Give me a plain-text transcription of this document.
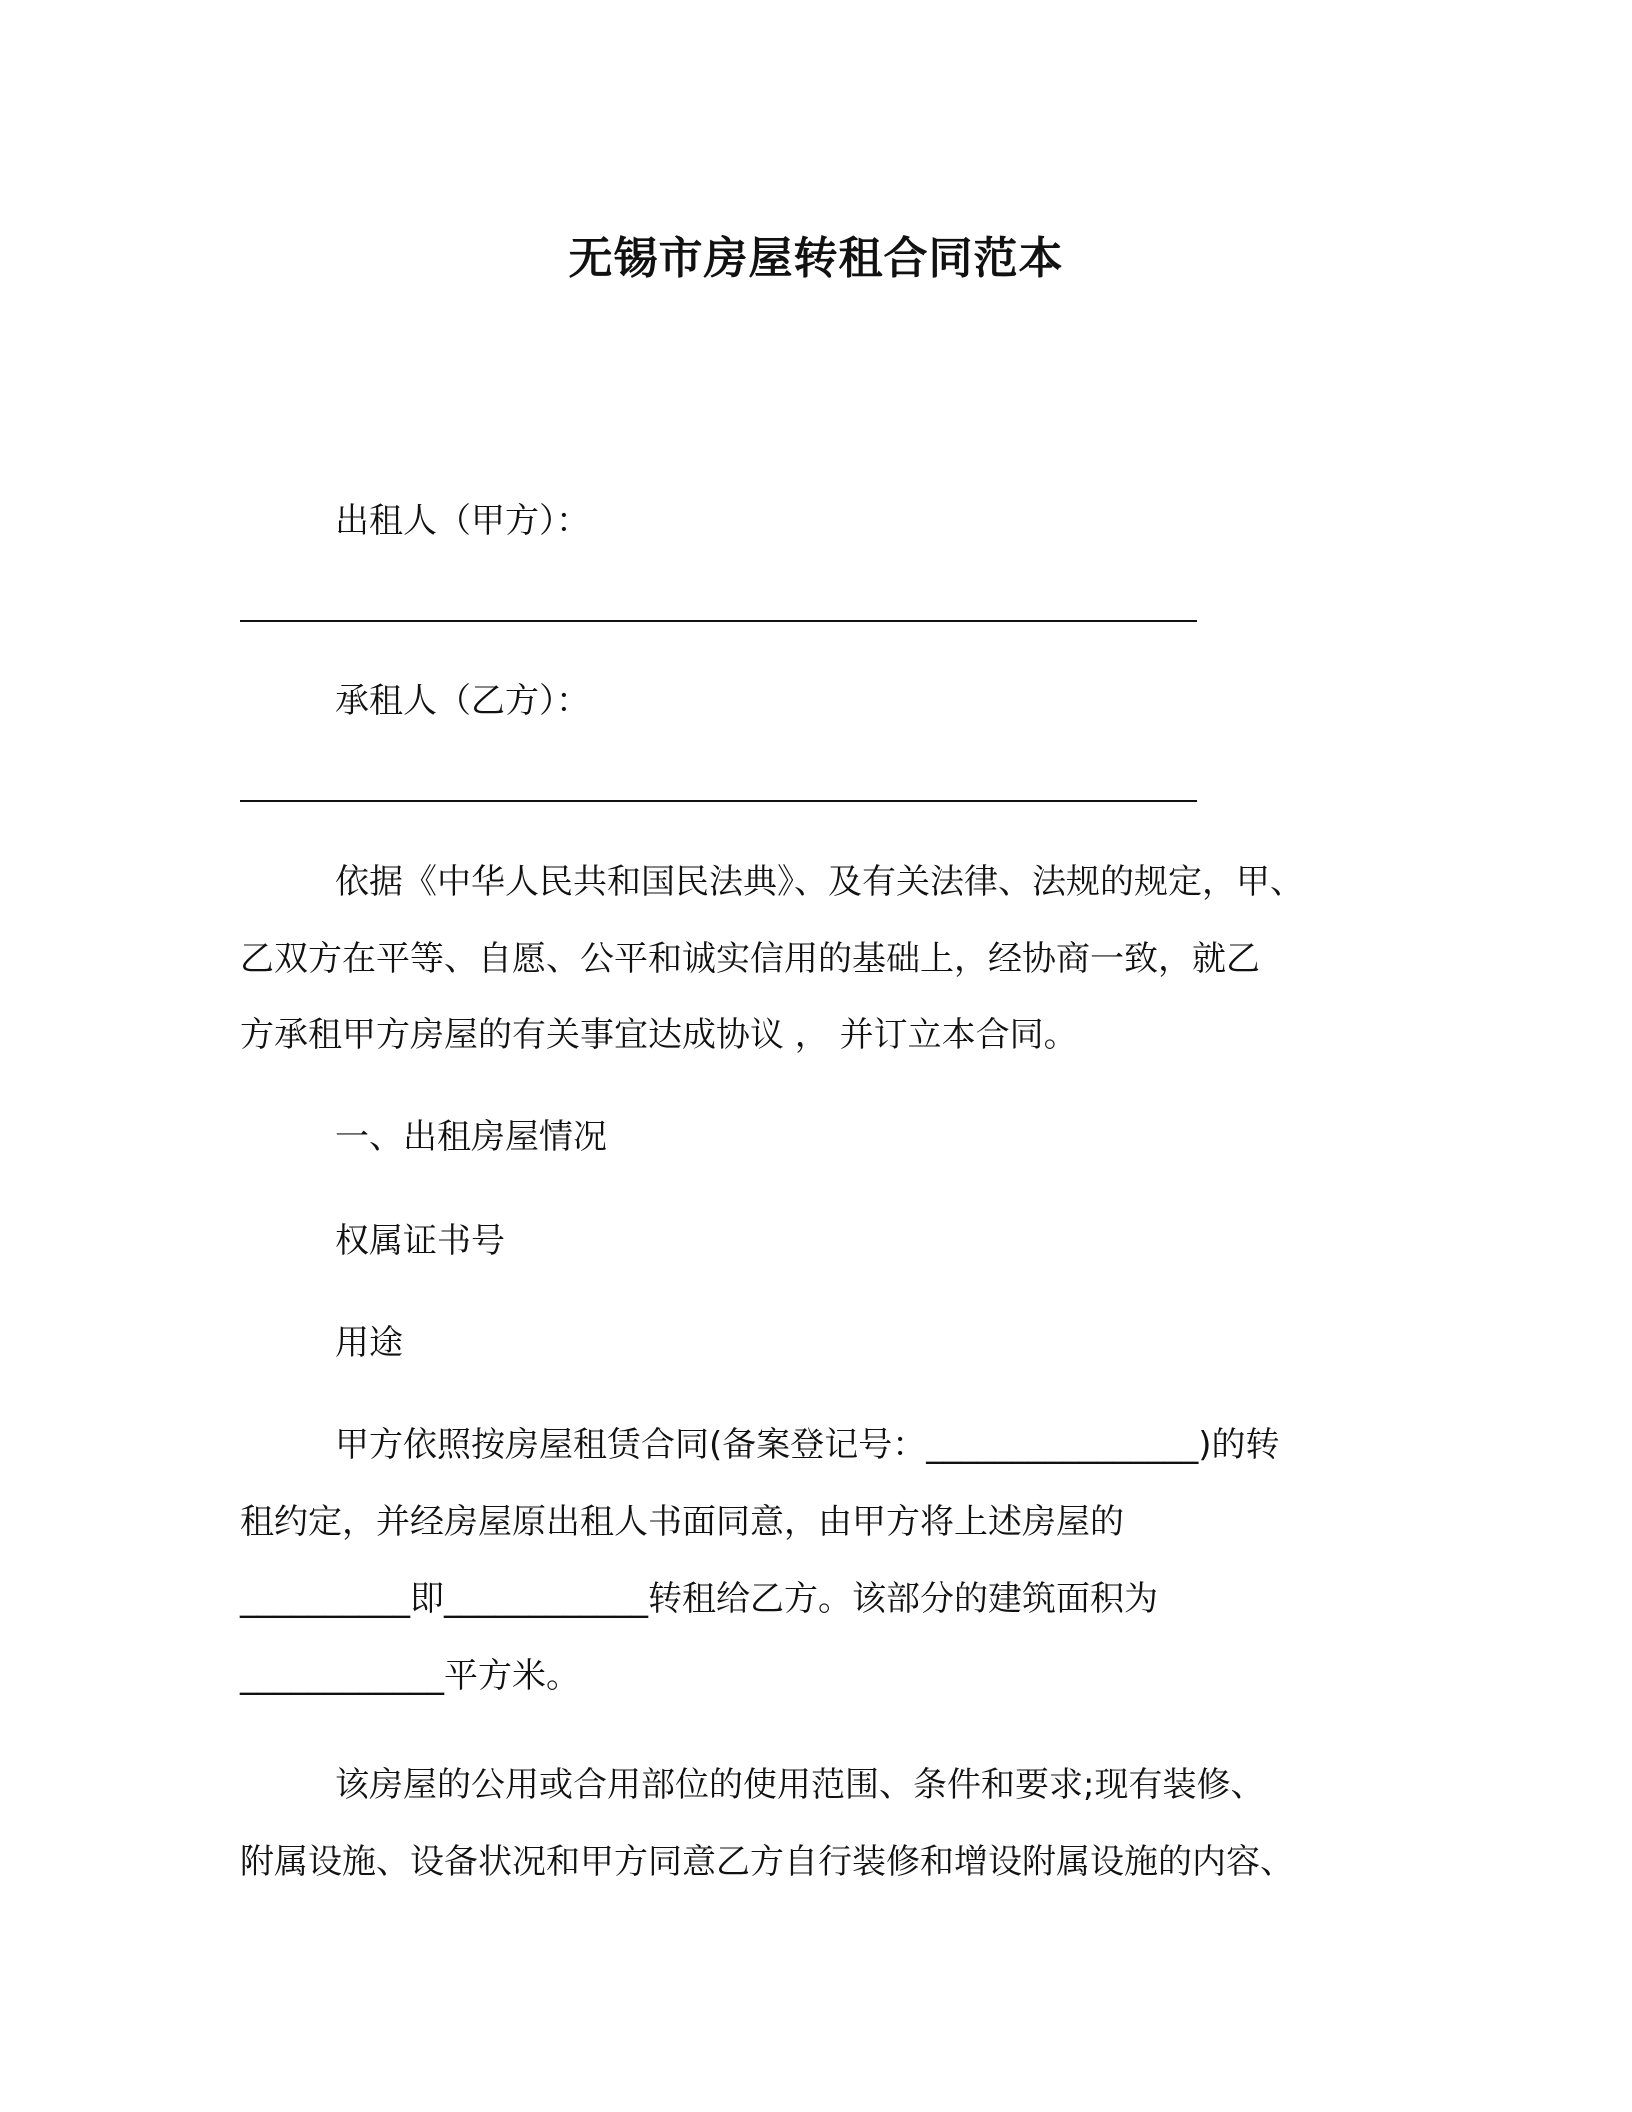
无锡市房屋转租合同范本
出租人（甲方）：
承租人（乙方）：
依据《中华人民共和国民法典》、及有关法律、法规的规定，甲、
乙双方在平等、自愿、公平和诚实信用的基础上，经协商一致，就乙
方承租甲方房屋的有关事宜达成协议 ， 并订立本合同。
一、出租房屋情况
权属证书号
用途
甲方依照按房屋租赁合同(备案登记号：________________)的转
租约定，并经房屋原出租人书面同意，由甲方将上述房屋的
__________即____________转租给乙方。该部分的建筑面积为
____________平方米。
该房屋的公用或合用部位的使用范围、条件和要求;现有装修、
附属设施、设备状况和甲方同意乙方自行装修和增设附属设施的内容、
